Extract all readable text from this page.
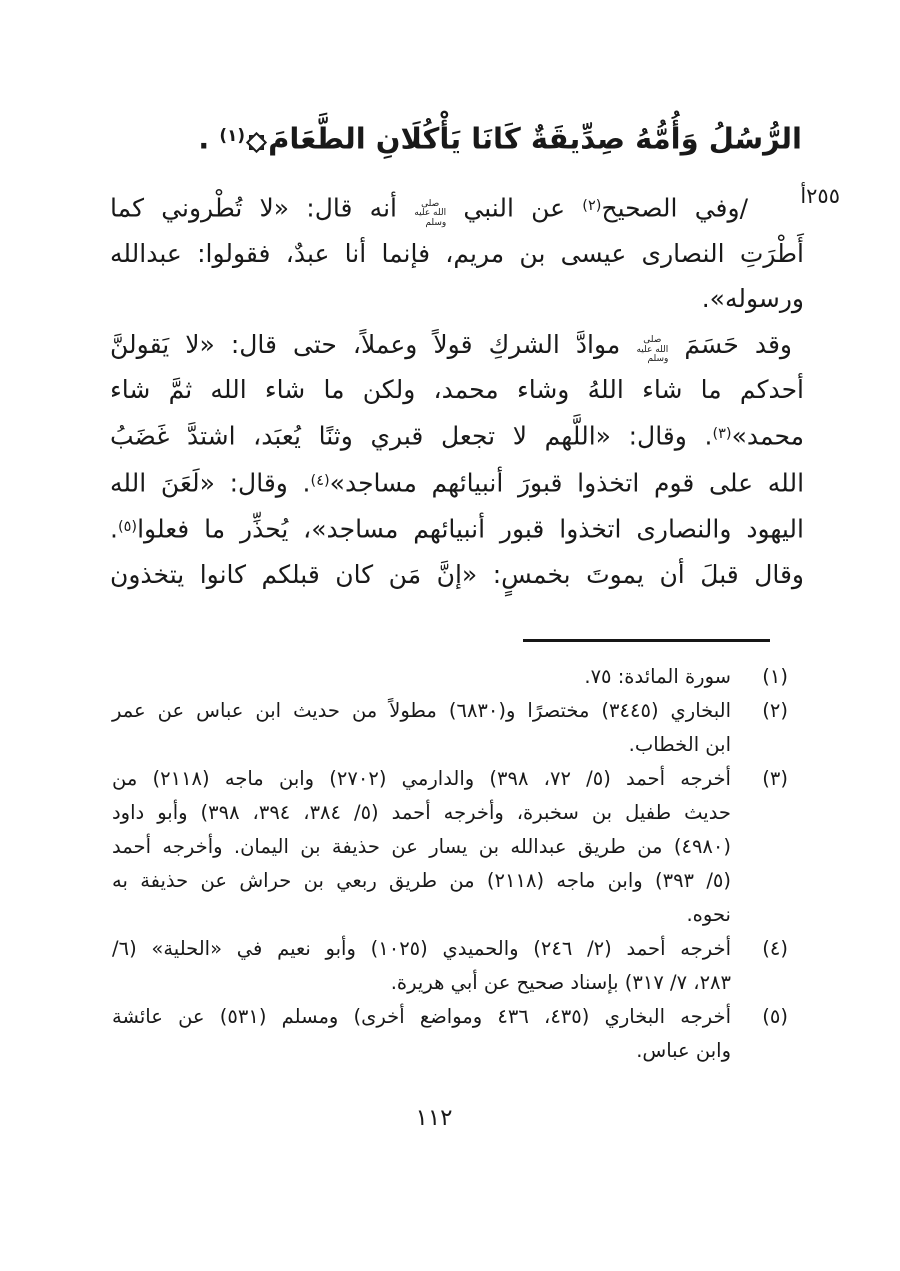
الرُّسُلُ وَأُمُّهُ صِدِّيقَةٌ كَانَا يَأْكُلَانِ الطَّعَامَ$^{(١)}$ .
٢٥٥أ
/وفي الصحيح$^{(٢)}$ عن النبي صلى الله عليه وسلم أنه قال: «لا تُطْروني كما
أَطْرَتِ النصارى عيسى بن مريم، فإنما أنا عبدٌ، فقولوا: عبدالله
ورسوله».
وقد حَسَمَ صلى الله عليه وسلم موادَّ الشركِ قولاً وعملاً، حتى قال: «لا يَقولنَّ
أحدكم ما شاء اللهُ وشاء محمد، ولكن ما شاء الله ثمَّ شاء
محمد»$^{(٣)}$. وقال: «اللَّهم لا تجعل قبري وثنًا يُعبَد، اشتدَّ غَضَبُ
الله على قوم اتخذوا قبورَ أنبيائهم مساجد»$^{(٤)}$. وقال: «لَعَنَ الله
اليهود والنصارى اتخذوا قبور أنبيائهم مساجد»، يُحذِّر ما فعلوا$^{(٥)}$.
وقال قبلَ أن يموتَ بخمسٍ: «إنَّ مَن كان قبلكم كانوا يتخذون
(١)
سورة المائدة: ٧٥.
(٢)
البخاري (٣٤٤٥) مختصرًا و(٦٨٣٠) مطولاً من حديث ابن عباس عن عمر
ابن الخطاب.
(٣)
أخرجه أحمد (٥/ ٧٢، ٣٩٨) والدارمي (٢٧٠٢) وابن ماجه (٢١١٨) من
حديث طفيل بن سخبرة، وأخرجه أحمد (٥/ ٣٨٤، ٣٩٤، ٣٩٨) وأبو داود
(٤٩٨٠) من طريق عبدالله بن يسار عن حذيفة بن اليمان. وأخرجه أحمد
(٥/ ٣٩٣) وابن ماجه (٢١١٨) من طريق ربعي بن حراش عن حذيفة به
نحوه.
(٤)
أخرجه أحمد (٢/ ٢٤٦) والحميدي (١٠٢٥) وأبو نعيم في «الحلية» (٦/
٢٨٣، ٧/ ٣١٧) بإسناد صحيح عن أبي هريرة.
(٥)
أخرجه البخاري (٤٣٥، ٤٣٦ ومواضع أخرى) ومسلم (٥٣١) عن عائشة
وابن عباس.
١١٢
